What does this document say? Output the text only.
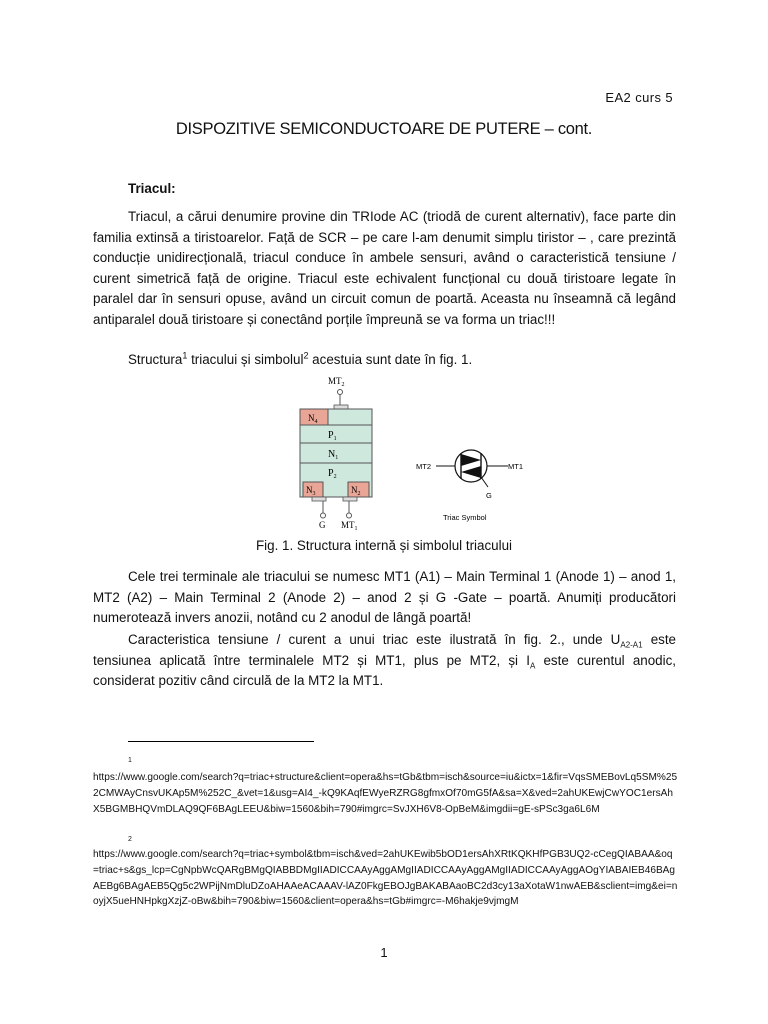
EA2 curs 5
DISPOZITIVE SEMICONDUCTOARE DE PUTERE – cont.
Triacul:
Triacul, a cărui denumire provine din TRIode AC (triodă de curent alternativ), face parte din familia extinsă a tiristoarelor. Față de SCR – pe care l-am denumit simplu tiristor – , care prezintă conducție unidirecțională, triacul conduce în ambele sensuri, având o caracteristică tensiune / curent simetrică față de origine. Triacul este echivalent funcțional cu două tiristoare legate în paralel dar în sensuri opuse, având un circuit comun de poartă. Aceasta nu înseamnă că legând antiparalel două tiristoare și conectând porțile împreună se va forma un triac!!!
Structura$^1$ triacului și simbolul$^2$ acestuia sunt date în fig. 1.
$MT_2$
$N_4$
$P_1$
$N_1$
$P_2$
$N_3$	$N_2$
G $MT_1$
MT2	MT1
G
Triac Symbol
Fig. 1. Structura internă și simbolul triacului
Cele trei terminale ale triacului se numesc MT1 (A1) – Main Terminal 1 (Anode 1) – anod 1, MT2 (A2) – Main Terminal 2 (Anode 2) – anod 2 și G -Gate – poartă. Anumiți producători numerotează invers anozii, notând cu 2 anodul de lângă poartă!
Caracteristica tensiune / curent a unui triac este ilustrată în fig. 2., unde $U_{A2-A1}$ este tensiunea aplicată între terminalele MT2 și MT1, plus pe MT2, și $I_A$ este curentul anodic, considerat pozitiv când circulă de la MT2 la MT1.
1
https://www.google.com/search?q=triac+structure&client=opera&hs=tGb&tbm=isch&source=iu&ictx=1&fir=VqsSMEBovLq5SM%252CMWAyCnsvUKAp5M%252C_&vet=1&usg=AI4_-kQ9KAqfEWyeRZRG8gfmxOf70mG5fA&sa=X&ved=2ahUKEwjCwYOC1ersAhX5BGMBHQVmDLAQ9QF6BAgLEEU&biw=1560&bih=790#imgrc=SvJXH6V8-OpBeM&imgdii=gE-sPSc3ga6L6M
2
https://www.google.com/search?q=triac+symbol&tbm=isch&ved=2ahUKEwib5bOD1ersAhXRtKQKHfPGB3UQ2-cCegQIABAA&oq=triac+s&gs_lcp=CgNpbWcQARgBMgQIABBDMgIIADICCAAyAggAMgIIADICCAAyAggAMgIIADICCAAyAggAOgYIABAIEB46BAgAEBg6BAgAEB5Qg5c2WPijNmDluDZoAHAAeACAAAV-lAZ0FkgEBOJgBAKABAaoBC2d3cy13aXotaW1nwAEB&sclient=img&ei=noyjX5ueHNHpkgXzjZ-oBw&bih=790&biw=1560&client=opera&hs=tGb#imgrc=-M6hakje9vjmgM
1
